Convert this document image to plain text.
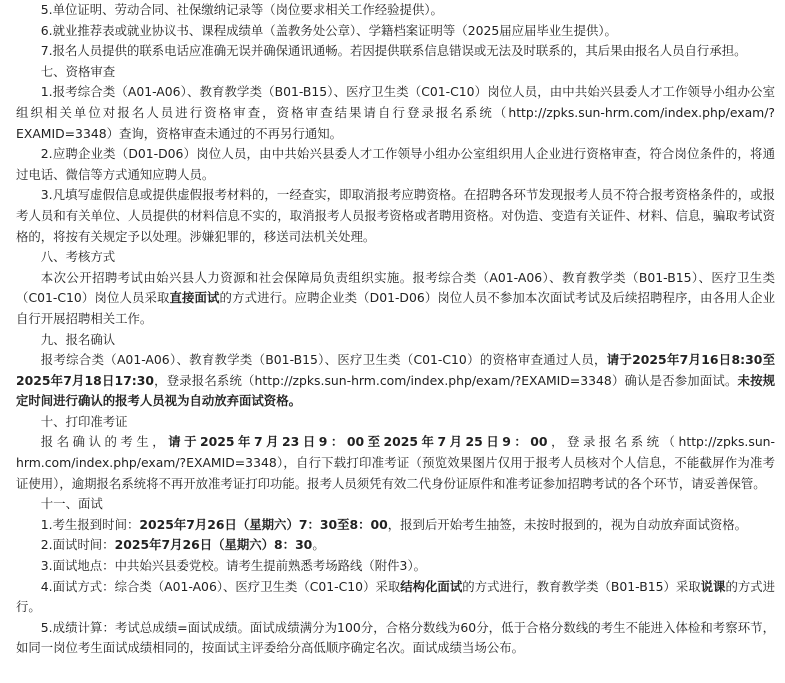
5.单位证明、劳动合同、社保缴纳记录等（岗位要求相关工作经验提供）。

6.就业推荐表或就业协议书、课程成绩单（盖教务处公章）、学籍档案证明等（2025届应届毕业生提供）。

7.报名人员提供的联系电话应准确无误并确保通讯通畅。若因提供联系信息错误或无法及时联系的，其后果由报名人员自行承担。

七、资格审查

1.报考综合类（A01-A06）、教育教学类（B01-B15）、医疗卫生类（C01-C10）岗位人员，由中共始兴县委人才工作领导小组办公室组织相关单位对报名人员进行资格审查，资格审查结果请自行登录报名系统（http://zpks.sun-hrm.com/index.php/exam/?EXAMID=3348）查询，资格审查未通过的不再另行通知。

2.应聘企业类（D01-D06）岗位人员，由中共始兴县委人才工作领导小组办公室组织用人企业进行资格审查，符合岗位条件的，将通过电话、微信等方式通知应聘人员。

3.凡填写虚假信息或提供虚假报考材料的，一经查实，即取消报考应聘资格。在招聘各环节发现报考人员不符合报考资格条件的，或报考人员和有关单位、人员提供的材料信息不实的，取消报考人员报考资格或者聘用资格。对伪造、变造有关证件、材料、信息，骗取考试资格的，将按有关规定予以处理。涉嫌犯罪的，移送司法机关处理。

八、考核方式

本次公开招聘考试由始兴县人力资源和社会保障局负责组织实施。报考综合类（A01-A06）、教育教学类（B01-B15）、医疗卫生类（C01-C10）岗位人员采取直接面试的方式进行。应聘企业类（D01-D06）岗位人员不参加本次面试考试及后续招聘程序，由各用人企业自行开展招聘相关工作。

九、报名确认

报考综合类（A01-A06）、教育教学类（B01-B15）、医疗卫生类（C01-C10）的资格审查通过人员，请于2025年7月16日8:30至2025年7月18日17:30，登录报名系统（http://zpks.sun-hrm.com/index.php/exam/?EXAMID=3348）确认是否参加面试。未按规定时间进行确认的报考人员视为自动放弃面试资格。

十、打印准考证

报名确认的考生，请于2025年7月23日9：00至2025年7月25日9：00，登录报名系统（http://zpks.sun-hrm.com/index.php/exam/?EXAMID=3348），自行下载打印准考证（预览效果图片仅用于报考人员核对个人信息，不能截屏作为准考证使用），逾期报名系统将不再开放准考证打印功能。报考人员须凭有效二代身份证原件和准考证参加招聘考试的各个环节，请妥善保管。

十一、面试

1.考生报到时间：2025年7月26日（星期六）7：30至8：00，报到后开始考生抽签，未按时报到的，视为自动放弃面试资格。

2.面试时间：2025年7月26日（星期六）8：30。

3.面试地点：中共始兴县委党校。请考生提前熟悉考场路线（附件3）。

4.面试方式：综合类（A01-A06）、医疗卫生类（C01-C10）采取结构化面试的方式进行，教育教学类（B01-B15）采取说课的方式进行。

5.成绩计算：考试总成绩=面试成绩。面试成绩满分为100分，合格分数线为60分，低于合格分数线的考生不能进入体检和考察环节，如同一岗位考生面试成绩相同的，按面试主评委给分高低顺序确定名次。面试成绩当场公布。
